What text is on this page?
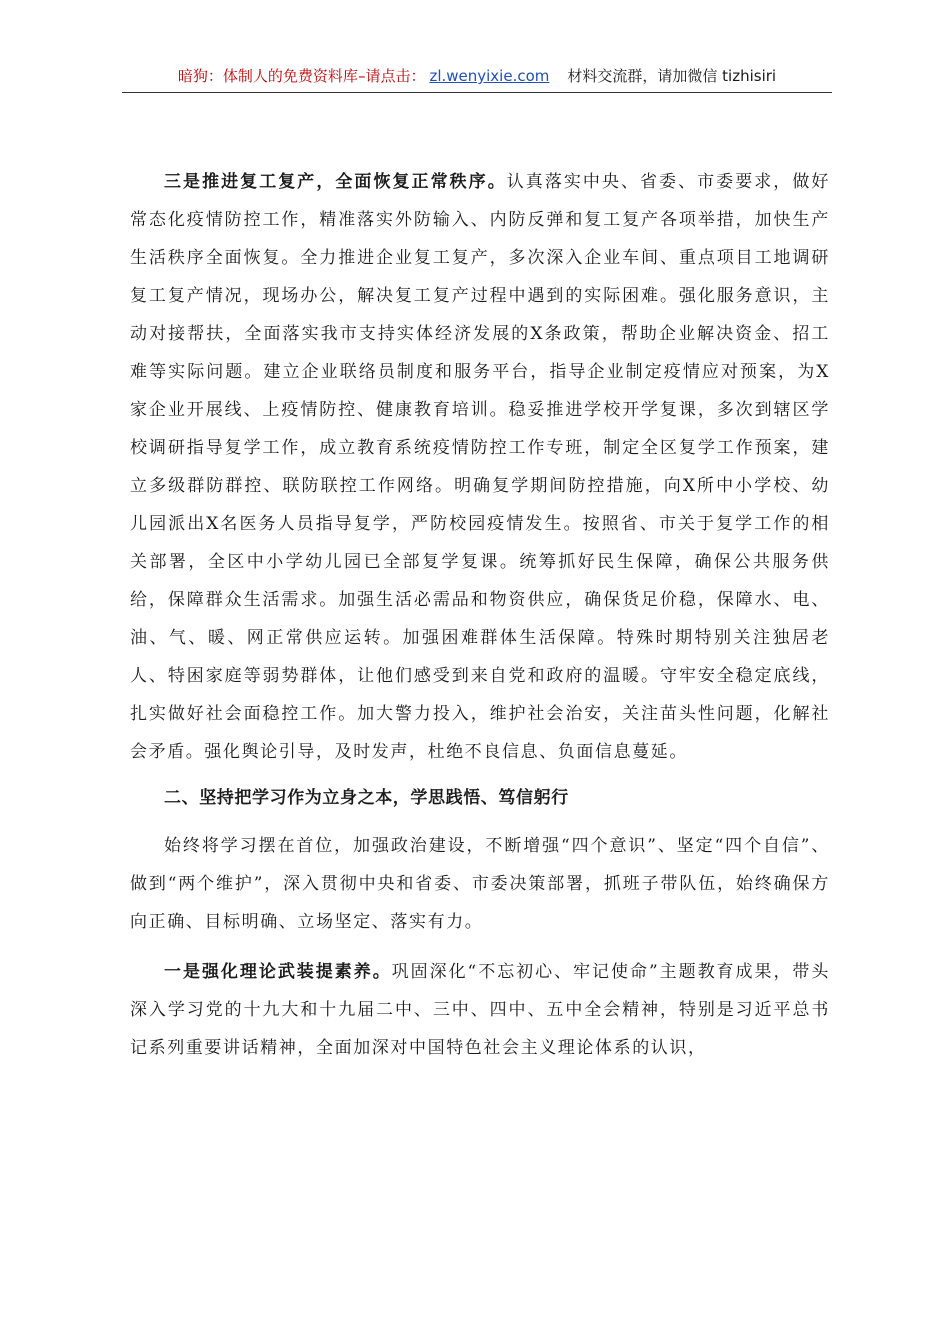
暗狗：体制人的免费资料库–请点击： zl.wenyixie.com 材料交流群，请加微信 tizhisiri

三是推进复工复产，全面恢复正常秩序。认真落实中央、省委、市委要求，做好常态化疫情防控工作，精准落实外防输入、内防反弹和复工复产各项举措，加快生产生活秩序全面恢复。全力推进企业复工复产，多次深入企业车间、重点项目工地调研复工复产情况，现场办公，解决复工复产过程中遇到的实际困难。强化服务意识，主动对接帮扶，全面落实我市支持实体经济发展的X条政策，帮助企业解决资金、招工难等实际问题。建立企业联络员制度和服务平台，指导企业制定疫情应对预案，为X家企业开展线、上疫情防控、健康教育培训。稳妥推进学校开学复课，多次到辖区学校调研指导复学工作，成立教育系统疫情防控工作专班，制定全区复学工作预案，建立多级群防群控、联防联控工作网络。明确复学期间防控措施，向X所中小学校、幼儿园派出X名医务人员指导复学，严防校园疫情发生。按照省、市关于复学工作的相关部署，全区中小学幼儿园已全部复学复课。统筹抓好民生保障，确保公共服务供给，保障群众生活需求。加强生活必需品和物资供应，确保货足价稳，保障水、电、油、气、暖、网正常供应运转。加强困难群体生活保障。特殊时期特别关注独居老人、特困家庭等弱势群体，让他们感受到来自党和政府的温暖。守牢安全稳定底线，扎实做好社会面稳控工作。加大警力投入，维护社会治安，关注苗头性问题，化解社会矛盾。强化舆论引导，及时发声，杜绝不良信息、负面信息蔓延。

二、坚持把学习作为立身之本，学思践悟、笃信躬行

始终将学习摆在首位，加强政治建设，不断增强“四个意识”、坚定“四个自信”、做到“两个维护”，深入贯彻中央和省委、市委决策部署，抓班子带队伍，始终确保方向正确、目标明确、立场坚定、落实有力。

一是强化理论武装提素养。巩固深化“不忘初心、牢记使命”主题教育成果，带头深入学习党的十九大和十九届二中、三中、四中、五中全会精神，特别是习近平总书记系列重要讲话精神，全面加深对中国特色社会主义理论体系的认识，
